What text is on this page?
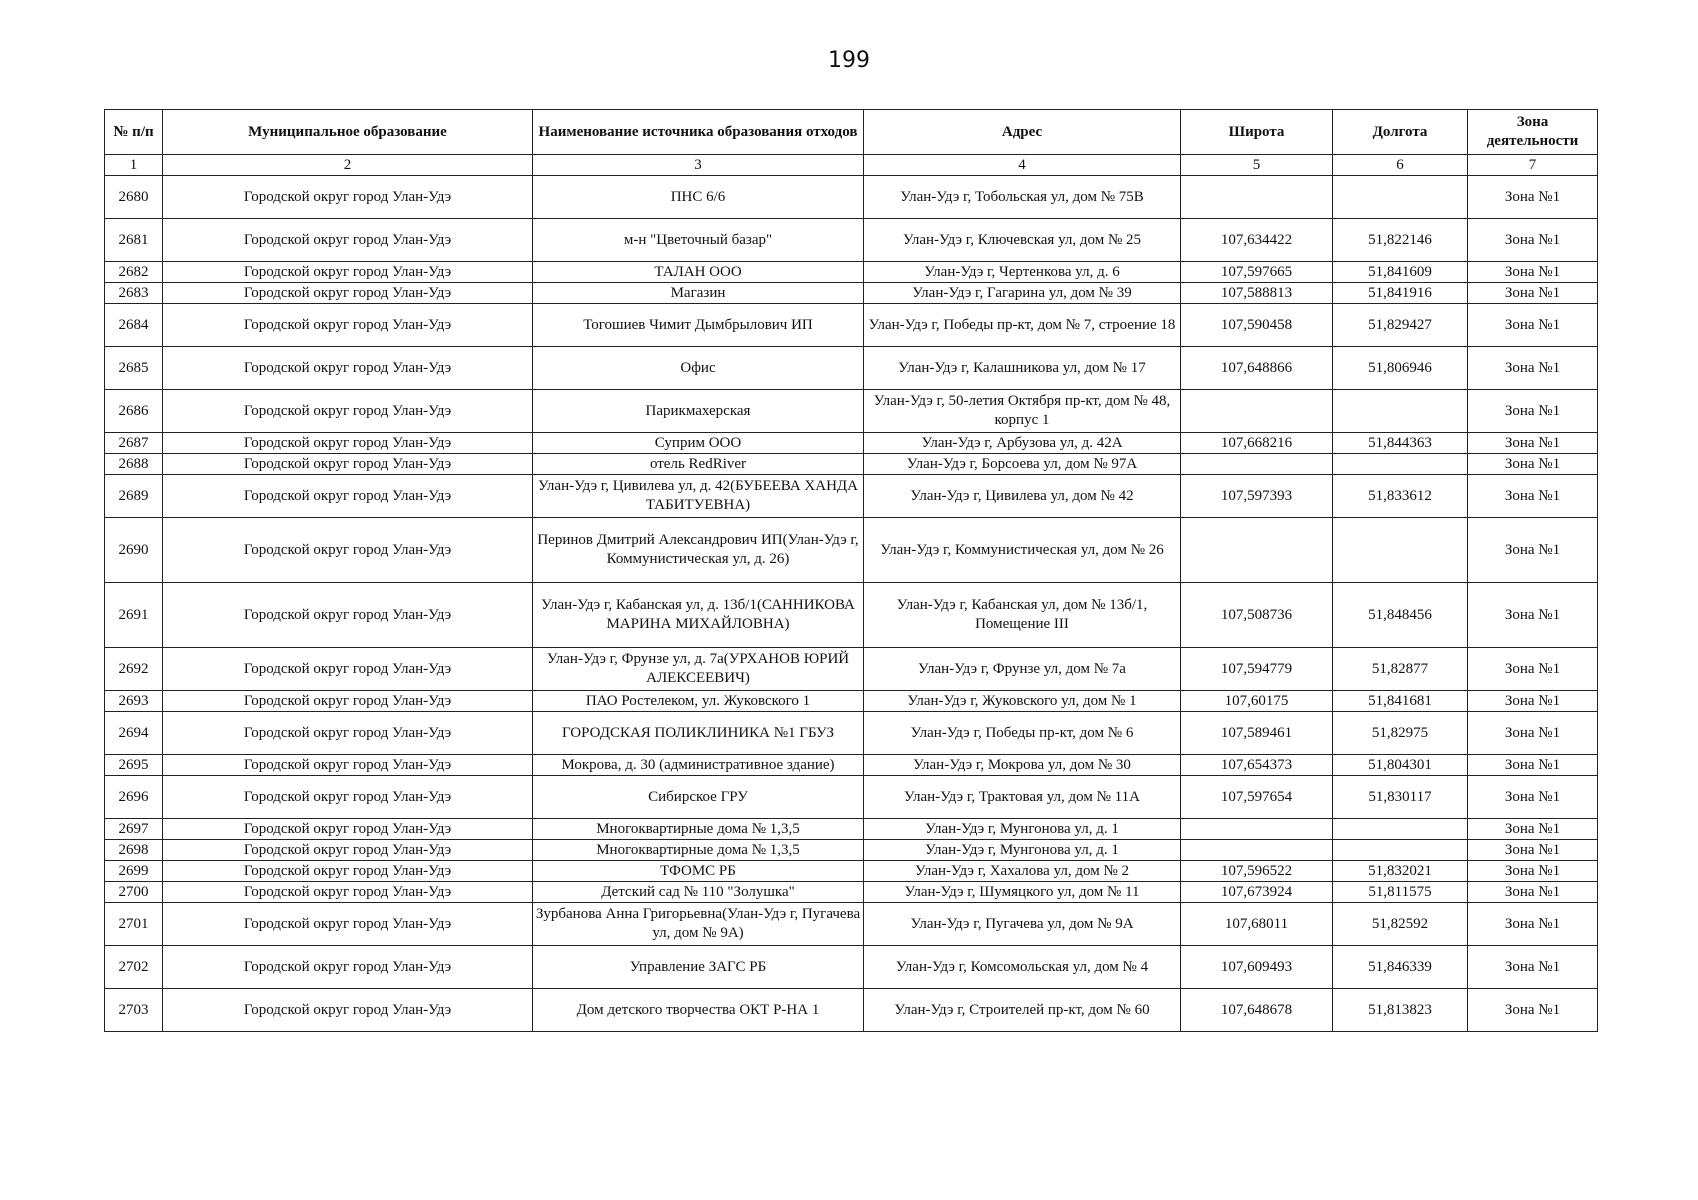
199
№ п/п	Муниципальное образование	Наименование источника образования отходов	Адрес	Широта	Долгота	Зона деятельности
1	2	3	4	5	6	7
2680	Городской округ город Улан-Удэ	ПНС 6/6	Улан-Удэ г, Тобольская ул, дом № 75В			Зона №1
2681	Городской округ город Улан-Удэ	м-н "Цветочный базар"	Улан-Удэ г, Ключевская ул, дом № 25	107,634422	51,822146	Зона №1
2682	Городской округ город Улан-Удэ	ТАЛАН ООО	Улан-Удэ г, Чертенкова ул, д. 6	107,597665	51,841609	Зона №1
2683	Городской округ город Улан-Удэ	Магазин	Улан-Удэ г, Гагарина ул, дом № 39	107,588813	51,841916	Зона №1
2684	Городской округ город Улан-Удэ	Тогошиев Чимит Дымбрылович ИП	Улан-Удэ г, Победы пр-кт, дом № 7, строение 18	107,590458	51,829427	Зона №1
2685	Городской округ город Улан-Удэ	Офис	Улан-Удэ г, Калашникова ул, дом № 17	107,648866	51,806946	Зона №1
2686	Городской округ город Улан-Удэ	Парикмахерская	Улан-Удэ г, 50-летия Октября пр-кт, дом № 48, корпус 1			Зона №1
2687	Городской округ город Улан-Удэ	Суприм ООО	Улан-Удэ г, Арбузова ул, д. 42А	107,668216	51,844363	Зона №1
2688	Городской округ город Улан-Удэ	отель RedRiver	Улан-Удэ г, Борсоева ул, дом № 97А			Зона №1
2689	Городской округ город Улан-Удэ	Улан-Удэ г, Цивилева ул, д. 42(БУБЕЕВА ХАНДА ТАБИТУЕВНА)	Улан-Удэ г, Цивилева ул, дом № 42	107,597393	51,833612	Зона №1
2690	Городской округ город Улан-Удэ	Перинов Дмитрий Александрович ИП(Улан-Удэ г, Коммунистическая ул, д. 26)	Улан-Удэ г, Коммунистическая ул, дом № 26			Зона №1
2691	Городской округ город Улан-Удэ	Улан-Удэ г, Кабанская ул, д. 13б/1(САННИКОВА МАРИНА МИХАЙЛОВНА)	Улан-Удэ г, Кабанская ул, дом № 13б/1, Помещение III	107,508736	51,848456	Зона №1
2692	Городской округ город Улан-Удэ	Улан-Удэ г, Фрунзе ул, д. 7а(УРХАНОВ ЮРИЙ АЛЕКСЕЕВИЧ)	Улан-Удэ г, Фрунзе ул, дом № 7а	107,594779	51,82877	Зона №1
2693	Городской округ город Улан-Удэ	ПАО Ростелеком, ул. Жуковского 1	Улан-Удэ г, Жуковского ул, дом № 1	107,60175	51,841681	Зона №1
2694	Городской округ город Улан-Удэ	ГОРОДСКАЯ ПОЛИКЛИНИКА №1 ГБУЗ	Улан-Удэ г, Победы пр-кт, дом № 6	107,589461	51,82975	Зона №1
2695	Городской округ город Улан-Удэ	Мокрова, д. 30 (административное здание)	Улан-Удэ г, Мокрова ул, дом № 30	107,654373	51,804301	Зона №1
2696	Городской округ город Улан-Удэ	Сибирское ГРУ	Улан-Удэ г, Трактовая ул, дом № 11А	107,597654	51,830117	Зона №1
2697	Городской округ город Улан-Удэ	Многоквартирные дома № 1,3,5	Улан-Удэ г, Мунгонова ул, д. 1			Зона №1
2698	Городской округ город Улан-Удэ	Многоквартирные дома № 1,3,5	Улан-Удэ г, Мунгонова ул, д. 1			Зона №1
2699	Городской округ город Улан-Удэ	ТФОМС РБ	Улан-Удэ г, Хахалова ул, дом № 2	107,596522	51,832021	Зона №1
2700	Городской округ город Улан-Удэ	Детский сад № 110 "Золушка"	Улан-Удэ г, Шумяцкого ул, дом № 11	107,673924	51,811575	Зона №1
2701	Городской округ город Улан-Удэ	Зурбанова Анна Григорьевна(Улан-Удэ г, Пугачева ул, дом № 9А)	Улан-Удэ г, Пугачева ул, дом № 9А	107,68011	51,82592	Зона №1
2702	Городской округ город Улан-Удэ	Управление ЗАГС РБ	Улан-Удэ г, Комсомольская ул, дом № 4	107,609493	51,846339	Зона №1
2703	Городской округ город Улан-Удэ	Дом детского творчества ОКТ Р-НА 1	Улан-Удэ г, Строителей пр-кт, дом № 60	107,648678	51,813823	Зона №1
